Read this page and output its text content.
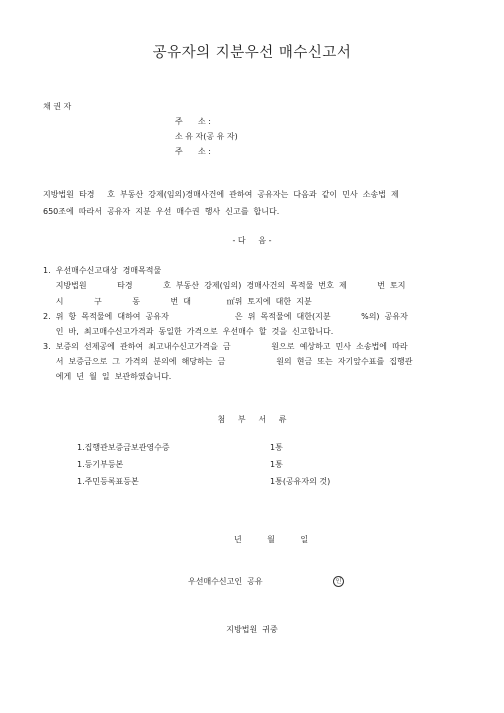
공유자의 지분우선 매수신고서
채 권 자
주      소 :
소 유 자(공 유 자)
주      소 :
지방법원  타경     호  부동산  강제(임의)경매사건에  관하여  공유자는  다음과  같이  민사  소송법  제
650조에  따라서  공유자  지분  우선  매수권  행사  신고를  합니다.
- 다     음 -
1.  우선매수신고대상  경매목적물
지방법원            타경            호  부동산  강제(임의)  경매사건의  목적물  번호  제            번  토지
시            구            동            번  대              ㎡위  토지에  대한  지분
2.  위  항  목적물에  대하여  공유자                          은  위  목적물에  대한(지분            %의)  공유자
인  바,  최고매수신고가격과  동일한  가격으로  우선매수  할  것을  신고합니다.
3.  보증의  선제공에  관하여  최고내수신고가격을  금                원으로  예상하고  민사  소송법에  따라
서  보증금으로  그  가격의  분의에  해당하는  금                    원의  현금  또는  자기앞수표를  집행관
에게  년  월  일  보관하였습니다.
첨     부     서     류
1.집행관보증금보관영수증	1통
1.등기부등본	1통
1.주민등록표등본	1통(공유자의 것)
년          월          일
우선매수신고인  공유	인
지방법원  귀중
